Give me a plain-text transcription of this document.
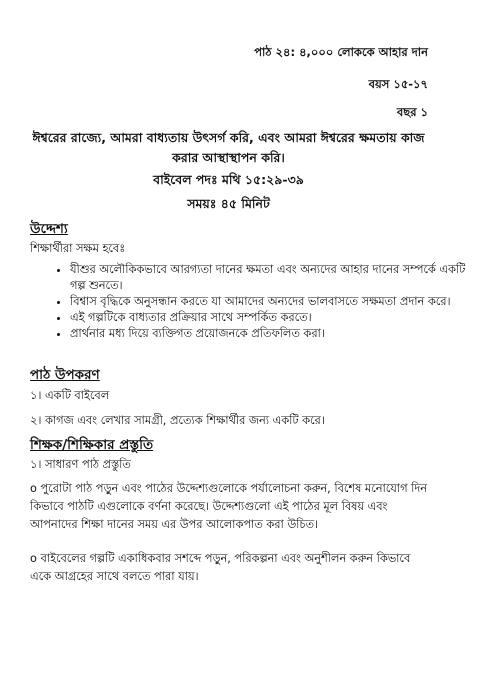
পাঠ ২৪: ৪,০০০ লোককে আহার দান

বয়স ১৫-১৭

বছর ১

ঈশ্বরের রাজ্যে, আমরা বাধ্যতায় উৎসর্গ করি, এবং আমরা ঈশ্বরের ক্ষমতায় কাজ করার আস্থাস্থাপন করি।

বাইবেল পদঃ মথি ১৫:২৯-৩৯

সময়ঃ ৪৫ মিনিট

উদ্দেশ্য

শিক্ষার্থীরা সক্ষম হবেঃ

• যীশুর অলৌকিকভাবে আরগ্যতা দানের ক্ষমতা এবং অন্যদের আহার দানের সম্পর্কে একটি গল্প শুনতে।
• বিশ্বাস বৃদ্ধিকে অনুসন্ধান করতে যা আমাদের অন্যদের ভালবাসতে সক্ষমতা প্রদান করে।
• এই গল্পটিকে বাধ্যতার প্রক্রিয়ার সাথে সম্পর্কিত করতে।
• প্রার্থনার মধ্য দিয়ে ব্যক্তিগত প্রয়োজনকে প্রতিফলিত করা।

পাঠ উপকরণ

১। একটি বাইবেল

২। কাগজ এবং লেখার সামগ্রী, প্রত্যেক শিক্ষার্থীর জন্য একটি করে।

শিক্ষক/শিক্ষিকার প্রস্তুতি

১। সাধারণ পাঠ প্রস্তুতি

o পুরোটা পাঠ পড়ুন এবং পাঠের উদ্দেশ্যগুলোকে পর্যালোচনা করুন, বিশেষ মনোযোগ দিন কিভাবে পাঠটি এগুলোকে বর্ণনা করেছে। উদ্দেশ্যগুলো এই পাঠের মূল বিষয় এবং আপনাদের শিক্ষা দানের সময় এর উপর আলোকপাত করা উচিত।

o বাইবেলের গল্পটি একাধিকবার সশব্দে পড়ুন, পরিকল্পনা এবং অনুশীলন করুন কিভাবে একে আগ্রহের সাথে বলতে পারা যায়।
